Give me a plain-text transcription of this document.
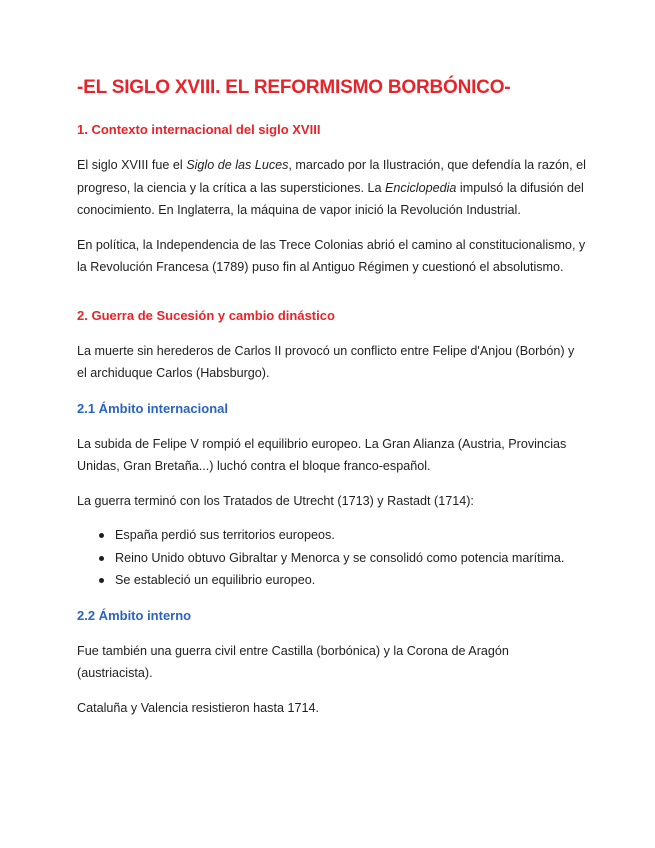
-EL SIGLO XVIII. EL REFORMISMO BORBÓNICO-
1. Contexto internacional del siglo XVIII

El siglo XVIII fue el Siglo de las Luces, marcado por la Ilustración, que defendía la razón, el progreso, la ciencia y la crítica a las supersticiones. La Enciclopedia impulsó la difusión del conocimiento. En Inglaterra, la máquina de vapor inició la Revolución Industrial.

En política, la Independencia de las Trece Colonias abrió el camino al constitucionalismo, y la Revolución Francesa (1789) puso fin al Antiguo Régimen y cuestionó el absolutismo.

2. Guerra de Sucesión y cambio dinástico

La muerte sin herederos de Carlos II provocó un conflicto entre Felipe d'Anjou (Borbón) y el archiduque Carlos (Habsburgo).

2.1 Ámbito internacional

La subida de Felipe V rompió el equilibrio europeo. La Gran Alianza (Austria, Provincias Unidas, Gran Bretaña...) luchó contra el bloque franco-español.

La guerra terminó con los Tratados de Utrecht (1713) y Rastadt (1714):

España perdió sus territorios europeos.
Reino Unido obtuvo Gibraltar y Menorca y se consolidó como potencia marítima.
Se estableció un equilibrio europeo.
2.2 Ámbito interno

Fue también una guerra civil entre Castilla (borbónica) y la Corona de Aragón (austriacista).

Cataluña y Valencia resistieron hasta 1714.
